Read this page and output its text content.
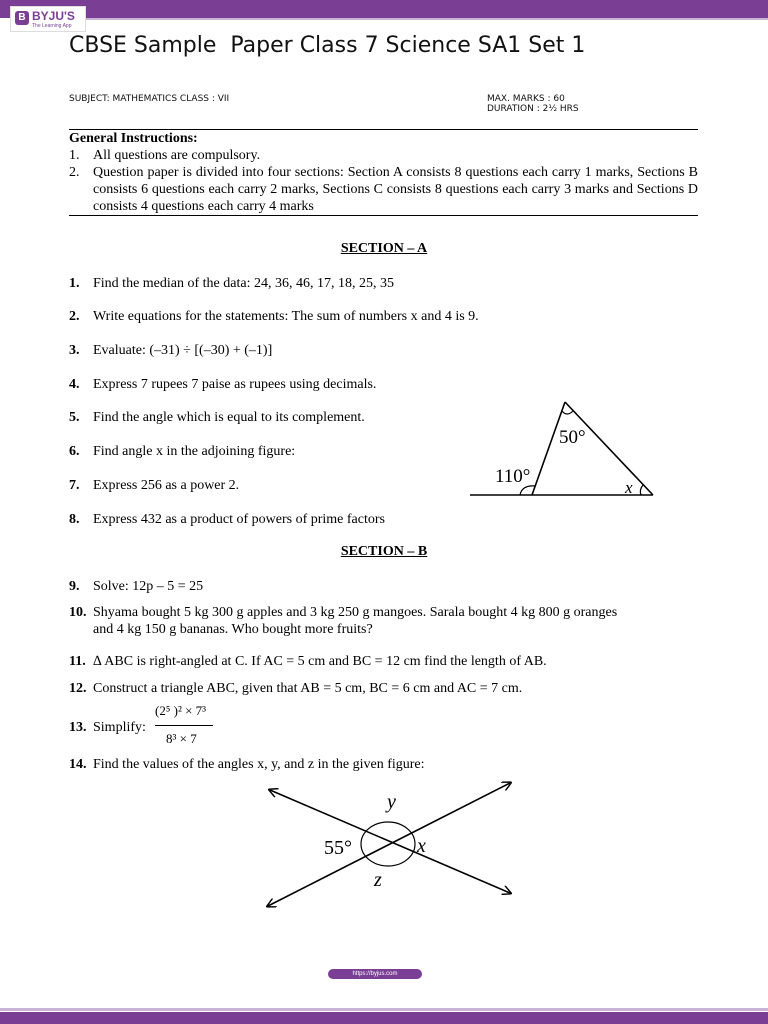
B BYJU'S
The Learning App
CBSE Sample  Paper Class 7 Science SA1 Set 1
SUBJECT: MATHEMATICS CLASS : VII	MAX. MARKS : 60
DURATION : 2½ HRS
General Instructions:
1. All questions are compulsory.
2. Question paper is divided into four sections: Section A consists 8 questions each carry 1 marks, Sections B consists 6 questions each carry 2 marks, Sections C consists 8 questions each carry 3 marks and Sections D consists 4 questions each carry 4 marks
SECTION – A
1. Find the median of the data: 24, 36, 46, 17, 18, 25, 35
2. Write equations for the statements: The sum of numbers x and 4 is 9.
3. Evaluate: (–31) ÷ [(–30) + (–1)]
4. Express 7 rupees 7 paise as rupees using decimals.
5. Find the angle which is equal to its complement.
6. Find angle x in the adjoining figure:
7. Express 256 as a power 2.
8. Express 432 as a product of powers of prime factors
50°
110°
x
SECTION – B
9. Solve: 12p – 5 = 25
10. Shyama bought 5 kg 300 g apples and 3 kg 250 g mangoes. Sarala bought 4 kg 800 g oranges and 4 kg 150 g bananas. Who bought more fruits?
11. ∆ ABC is right-angled at C. If AC = 5 cm and BC = 12 cm find the length of AB.
12. Construct a triangle ABC, given that AB = 5 cm, BC = 6 cm and AC = 7 cm.
13. Simplify:
(2⁵ )² × 7³
8³ × 7
14. Find the values of the angles x, y, and z in the given figure:
55°
y
x
z
https://byjus.com
